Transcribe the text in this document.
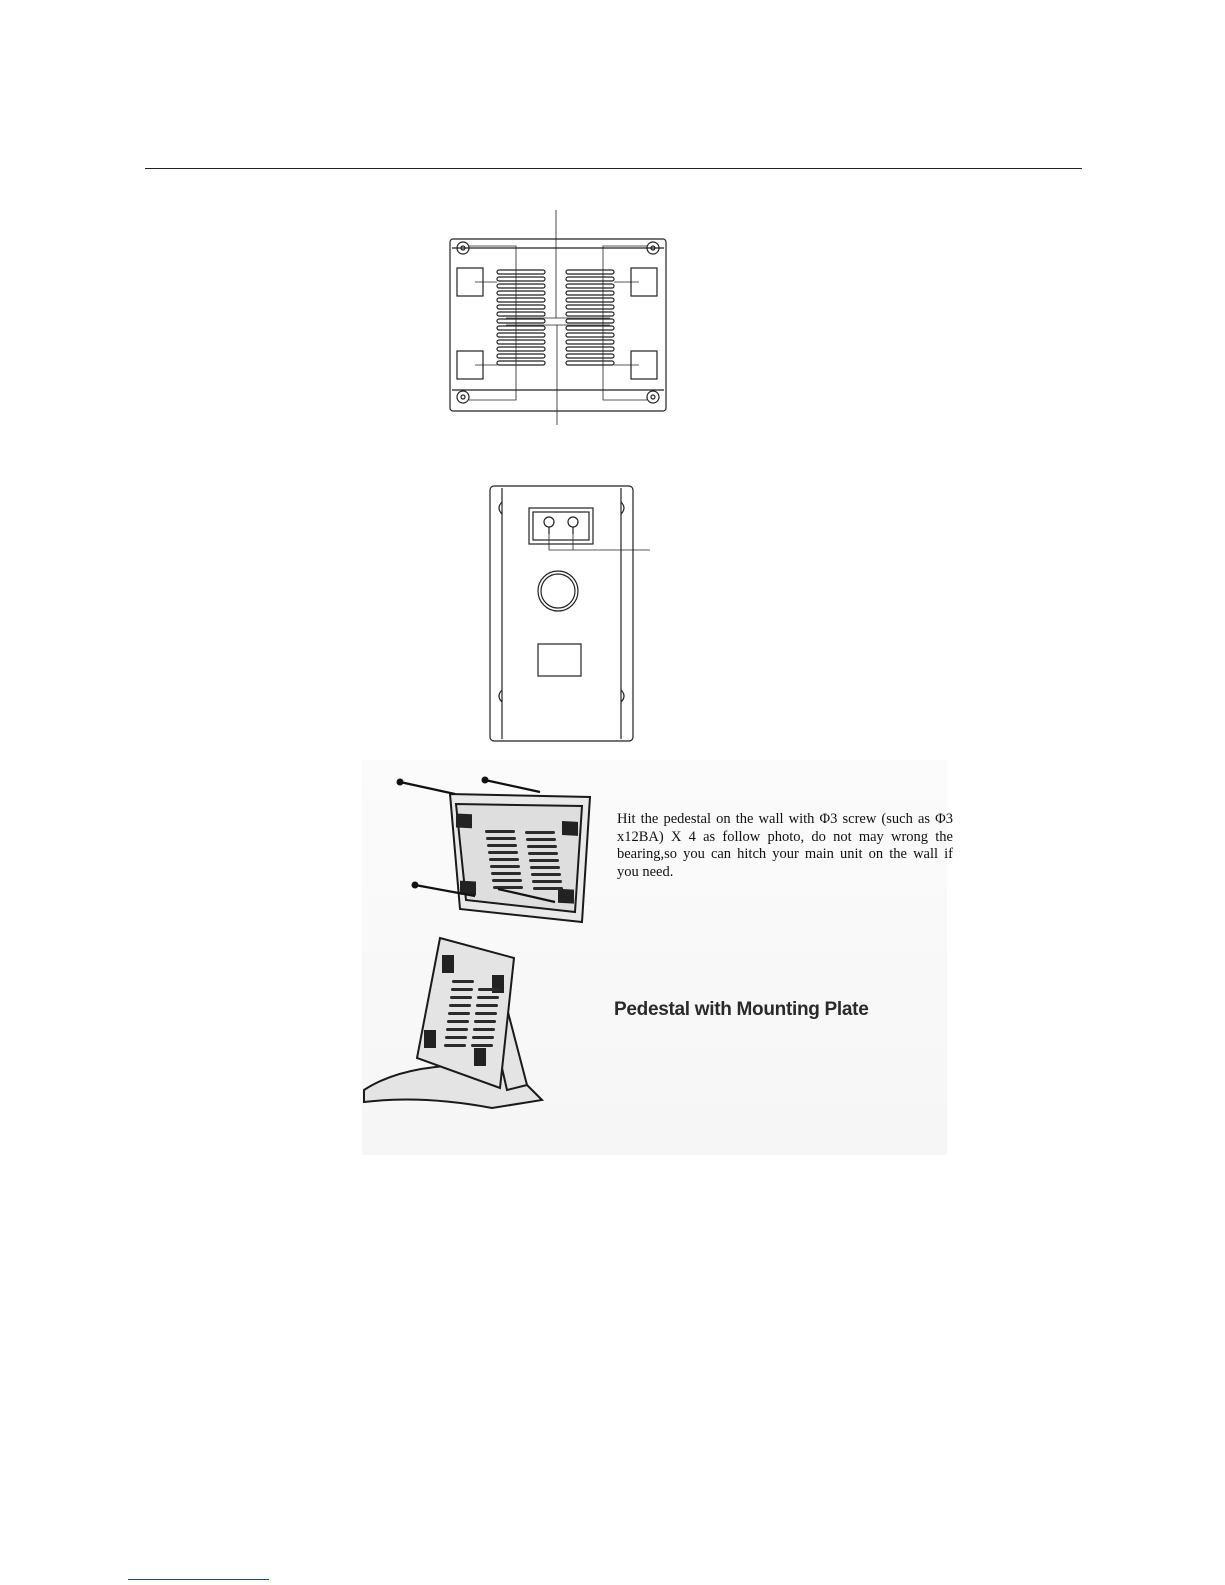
Hit the pedestal on the wall with Φ3 screw (such as Φ3 x12BA) X 4 as follow photo, do not may wrong the bearing,so you can hitch your main unit on the wall if you need.
Pedestal with Mounting Plate
